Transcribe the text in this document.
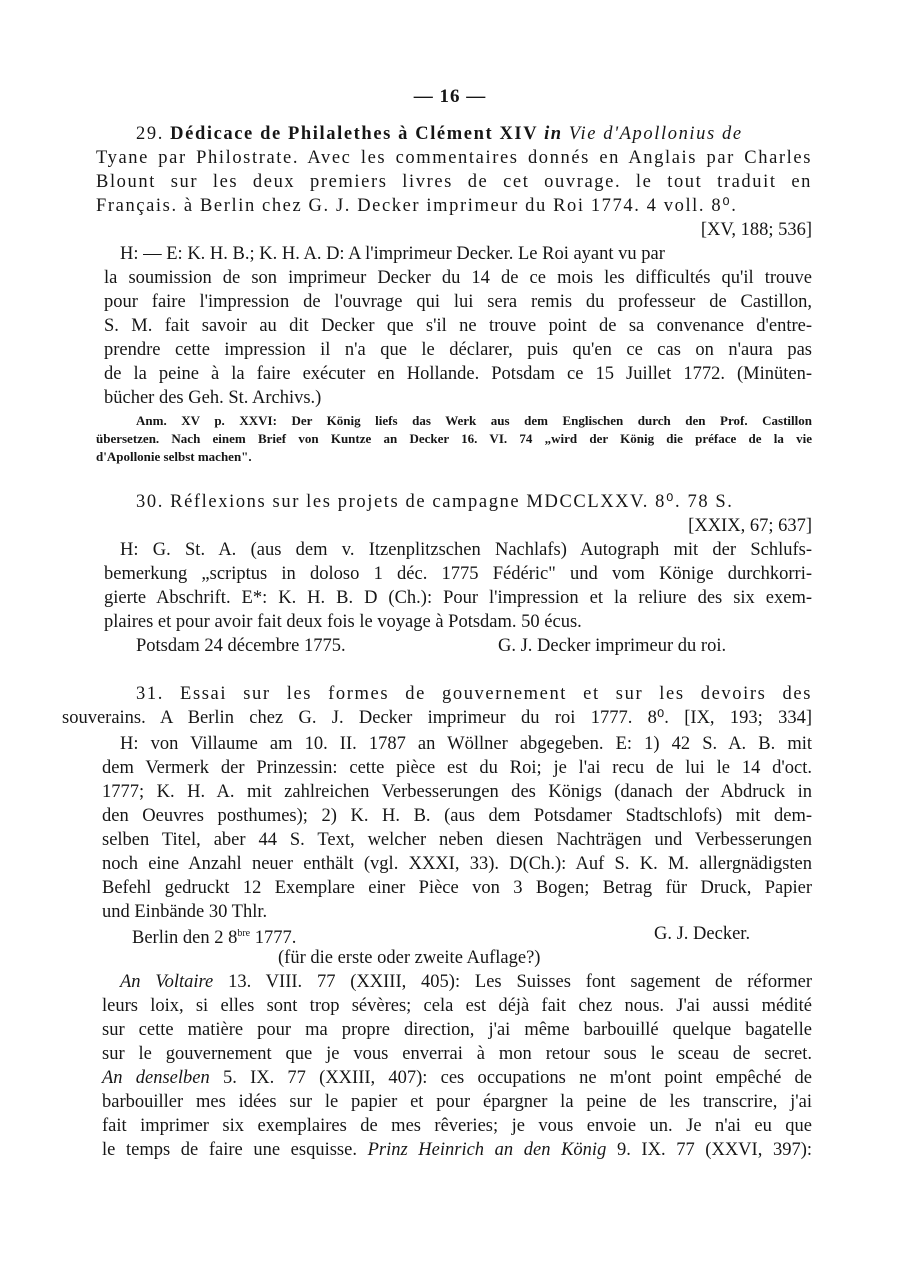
— 16 —
29. Dédicace de Philalethes à Clément XIV in Vie d'Apollonius de
Tyane par Philostrate. Avec les commentaires donnés en Anglais par Charles
Blount sur les deux premiers livres de cet ouvrage. le tout traduit en
Français. à Berlin chez G. J. Decker imprimeur du Roi 1774. 4 voll. 8⁰.
[XV, 188; 536]
H: — E: K. H. B.; K. H. A. D: A l'imprimeur Decker. Le Roi ayant vu par
la soumission de son imprimeur Decker du 14 de ce mois les difficultés qu'il trouve
pour faire l'impression de l'ouvrage qui lui sera remis du professeur de Castillon,
S. M. fait savoir au dit Decker que s'il ne trouve point de sa convenance d'entre-
prendre cette impression il n'a que le déclarer, puis qu'en ce cas on n'aura pas
de la peine à la faire exécuter en Hollande. Potsdam ce 15 Juillet 1772. (Minüten-
bücher des Geh. St. Archivs.)
Anm. XV p. XXVI: Der König liefs das Werk aus dem Englischen durch den Prof. Castillon
übersetzen. Nach einem Brief von Kuntze an Decker 16. VI. 74 „wird der König die préface de la vie
d'Apollonie selbst machen".
30. Réflexions sur les projets de campagne MDCCLXXV. 8⁰. 78 S.
[XXIX, 67; 637]
H: G. St. A. (aus dem v. Itzenplitzschen Nachlafs) Autograph mit der Schlufs-
bemerkung „scriptus in doloso 1 déc. 1775 Fédéric" und vom Könige durchkorri-
gierte Abschrift. E*: K. H. B. D (Ch.): Pour l'impression et la reliure des six exem-
plaires et pour avoir fait deux fois le voyage à Potsdam. 50 écus.
Potsdam 24 décembre 1775.	G. J. Decker imprimeur du roi.
31. Essai sur les formes de gouvernement et sur les devoirs des
souverains. A Berlin chez G. J. Decker imprimeur du roi 1777. 8⁰. [IX, 193; 334]
H: von Villaume am 10. II. 1787 an Wöllner abgegeben. E: 1) 42 S. A. B. mit
dem Vermerk der Prinzessin: cette pièce est du Roi; je l'ai recu de lui le 14 d'oct.
1777; K. H. A. mit zahlreichen Verbesserungen des Königs (danach der Abdruck in
den Oeuvres posthumes); 2) K. H. B. (aus dem Potsdamer Stadtschlofs) mit dem-
selben Titel, aber 44 S. Text, welcher neben diesen Nachträgen und Verbesserungen
noch eine Anzahl neuer enthält (vgl. XXXI, 33). D(Ch.): Auf S. K. M. allergnädigsten
Befehl gedruckt 12 Exemplare einer Pièce von 3 Bogen; Betrag für Druck, Papier
und Einbände 30 Thlr.
Berlin den 2 $8^{bre}$ 1777.	G. J. Decker.
(für die erste oder zweite Auflage?)
An Voltaire 13. VIII. 77 (XXIII, 405): Les Suisses font sagement de réformer
leurs loix, si elles sont trop sévères; cela est déjà fait chez nous. J'ai aussi médité
sur cette matière pour ma propre direction, j'ai même barbouillé quelque bagatelle
sur le gouvernement que je vous enverrai à mon retour sous le sceau de secret.
An denselben 5. IX. 77 (XXIII, 407): ces occupations ne m'ont point empêché de
barbouiller mes idées sur le papier et pour épargner la peine de les transcrire, j'ai
fait imprimer six exemplaires de mes rêveries; je vous envoie un. Je n'ai eu que
le temps de faire une esquisse. Prinz Heinrich an den König 9. IX. 77 (XXVI, 397):
